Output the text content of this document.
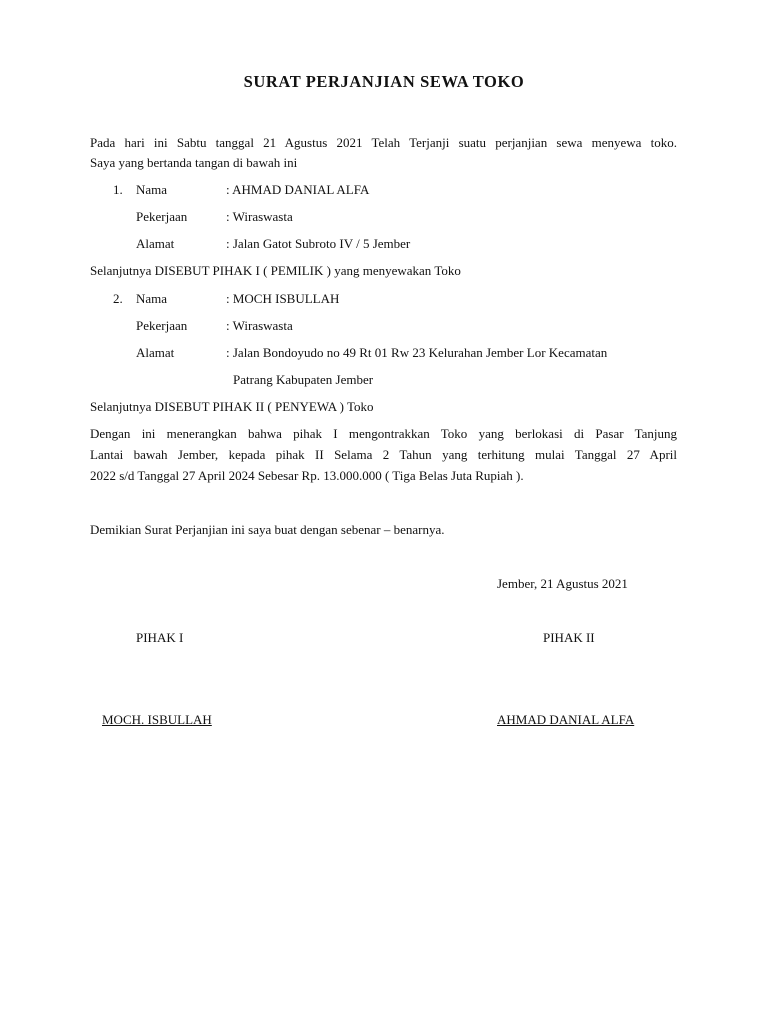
SURAT PERJANJIAN SEWA TOKO
Pada hari ini Sabtu tanggal 21 Agustus 2021 Telah Terjanji suatu perjanjian sewa menyewa toko.
Saya yang bertanda tangan di bawah ini
1. Nama	: AHMAD DANIAL ALFA
Pekerjaan	: Wiraswasta
Alamat	: Jalan Gatot Subroto IV / 5 Jember
Selanjutnya DISEBUT PIHAK I ( PEMILIK ) yang menyewakan Toko
2. Nama	: MOCH ISBULLAH
Pekerjaan	: Wiraswasta
Alamat	: Jalan Bondoyudo no 49 Rt 01 Rw 23 Kelurahan Jember Lor Kecamatan
Patrang Kabupaten Jember
Selanjutnya DISEBUT PIHAK II ( PENYEWA ) Toko
Dengan ini menerangkan bahwa pihak I mengontrakkan Toko yang berlokasi di Pasar Tanjung
Lantai bawah Jember, kepada pihak II Selama 2 Tahun yang terhitung mulai Tanggal 27 April
2022 s/d Tanggal 27 April 2024 Sebesar Rp. 13.000.000 ( Tiga Belas Juta Rupiah ).
Demikian Surat Perjanjian ini saya buat dengan sebenar – benarnya.
Jember, 21 Agustus 2021
PIHAK I	PIHAK II
MOCH. ISBULLAH	AHMAD DANIAL ALFA
